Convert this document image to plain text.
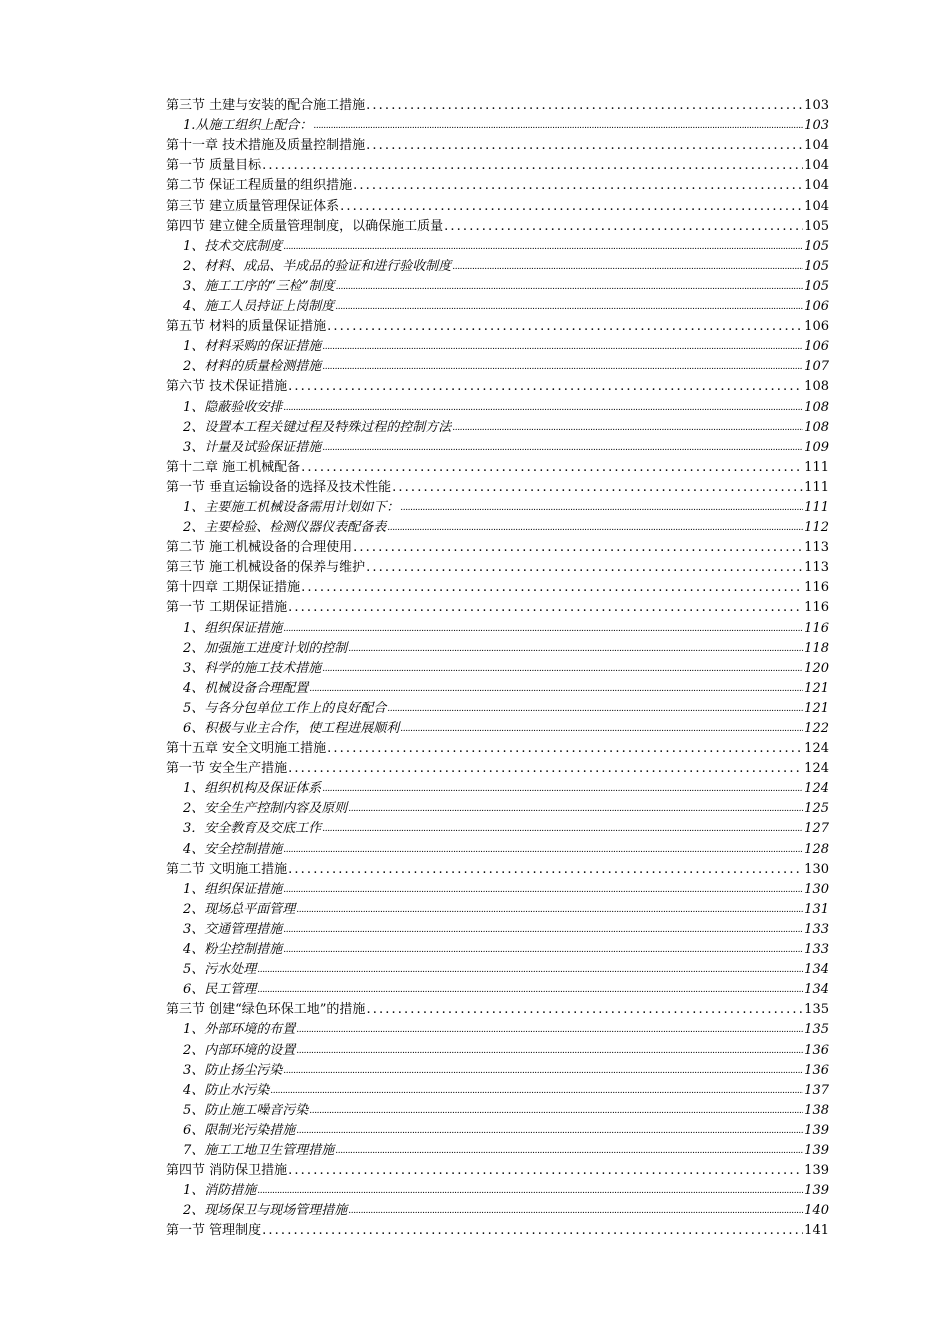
第三节 土建与安装的配合施工措施 . . .	103
1.从施工组织上配合： .....	103
第十一章 技术措施及质量控制措施 . . .	104
第一节 质量目标 . . .	104
第二节 保证工程质量的组织措施 . . .	104
第三节 建立质量管理保证体系 . . .	104
第四节 建立健全质量管理制度，以确保施工质量 . . .	105
1、技术交底制度 .....	105
2、材料、成品、半成品的验证和进行验收制度 .....	105
3、施工工序的“三检”制度 .....	105
4、施工人员持证上岗制度 .....	106
第五节 材料的质量保证措施 . . .	106
1、材料采购的保证措施 .....	106
2、材料的质量检测措施 .....	107
第六节 技术保证措施 . . .	108
1、隐蔽验收安排 .....	108
2、设置本工程关键过程及特殊过程的控制方法 .....	108
3、计量及试验保证措施 .....	109
第十二章 施工机械配备 . . .	111
第一节 垂直运输设备的选择及技术性能 . . .	111
1、主要施工机械设备需用计划如下： .....	111
2、主要检验、检测仪器仪表配备表 .....	112
第二节 施工机械设备的合理使用 . . .	113
第三节 施工机械设备的保养与维护 . . .	113
第十四章 工期保证措施 . . .	116
第一节 工期保证措施 . . .	116
1、组织保证措施 .....	116
2、加强施工进度计划的控制 .....	118
3、科学的施工技术措施 .....	120
4、机械设备合理配置 .....	121
5、与各分包单位工作上的良好配合 .....	121
6、积极与业主合作，使工程进展顺利 .....	122
第十五章 安全文明施工措施 . . .	124
第一节 安全生产措施 . . .	124
1、组织机构及保证体系 .....	124
2、安全生产控制内容及原则 .....	125
3．安全教育及交底工作 .....	127
4、安全控制措施 .....	128
第二节 文明施工措施 . . .	130
1、组织保证措施 .....	130
2、现场总平面管理 .....	131
3、交通管理措施 .....	133
4、粉尘控制措施 .....	133
5、污水处理 .....	134
6、民工管理 .....	134
第三节 创建“绿色环保工地”的措施 . . .	135
1、外部环境的布置 .....	135
2、内部环境的设置 .....	136
3、防止扬尘污染 .....	136
4、防止水污染 .....	137
5、防止施工噪音污染 .....	138
6、限制光污染措施 .....	139
7、施工工地卫生管理措施 .....	139
第四节 消防保卫措施 . . .	139
1、消防措施 .....	139
2、现场保卫与现场管理措施 .....	140
第一节 管理制度 . . .	141
